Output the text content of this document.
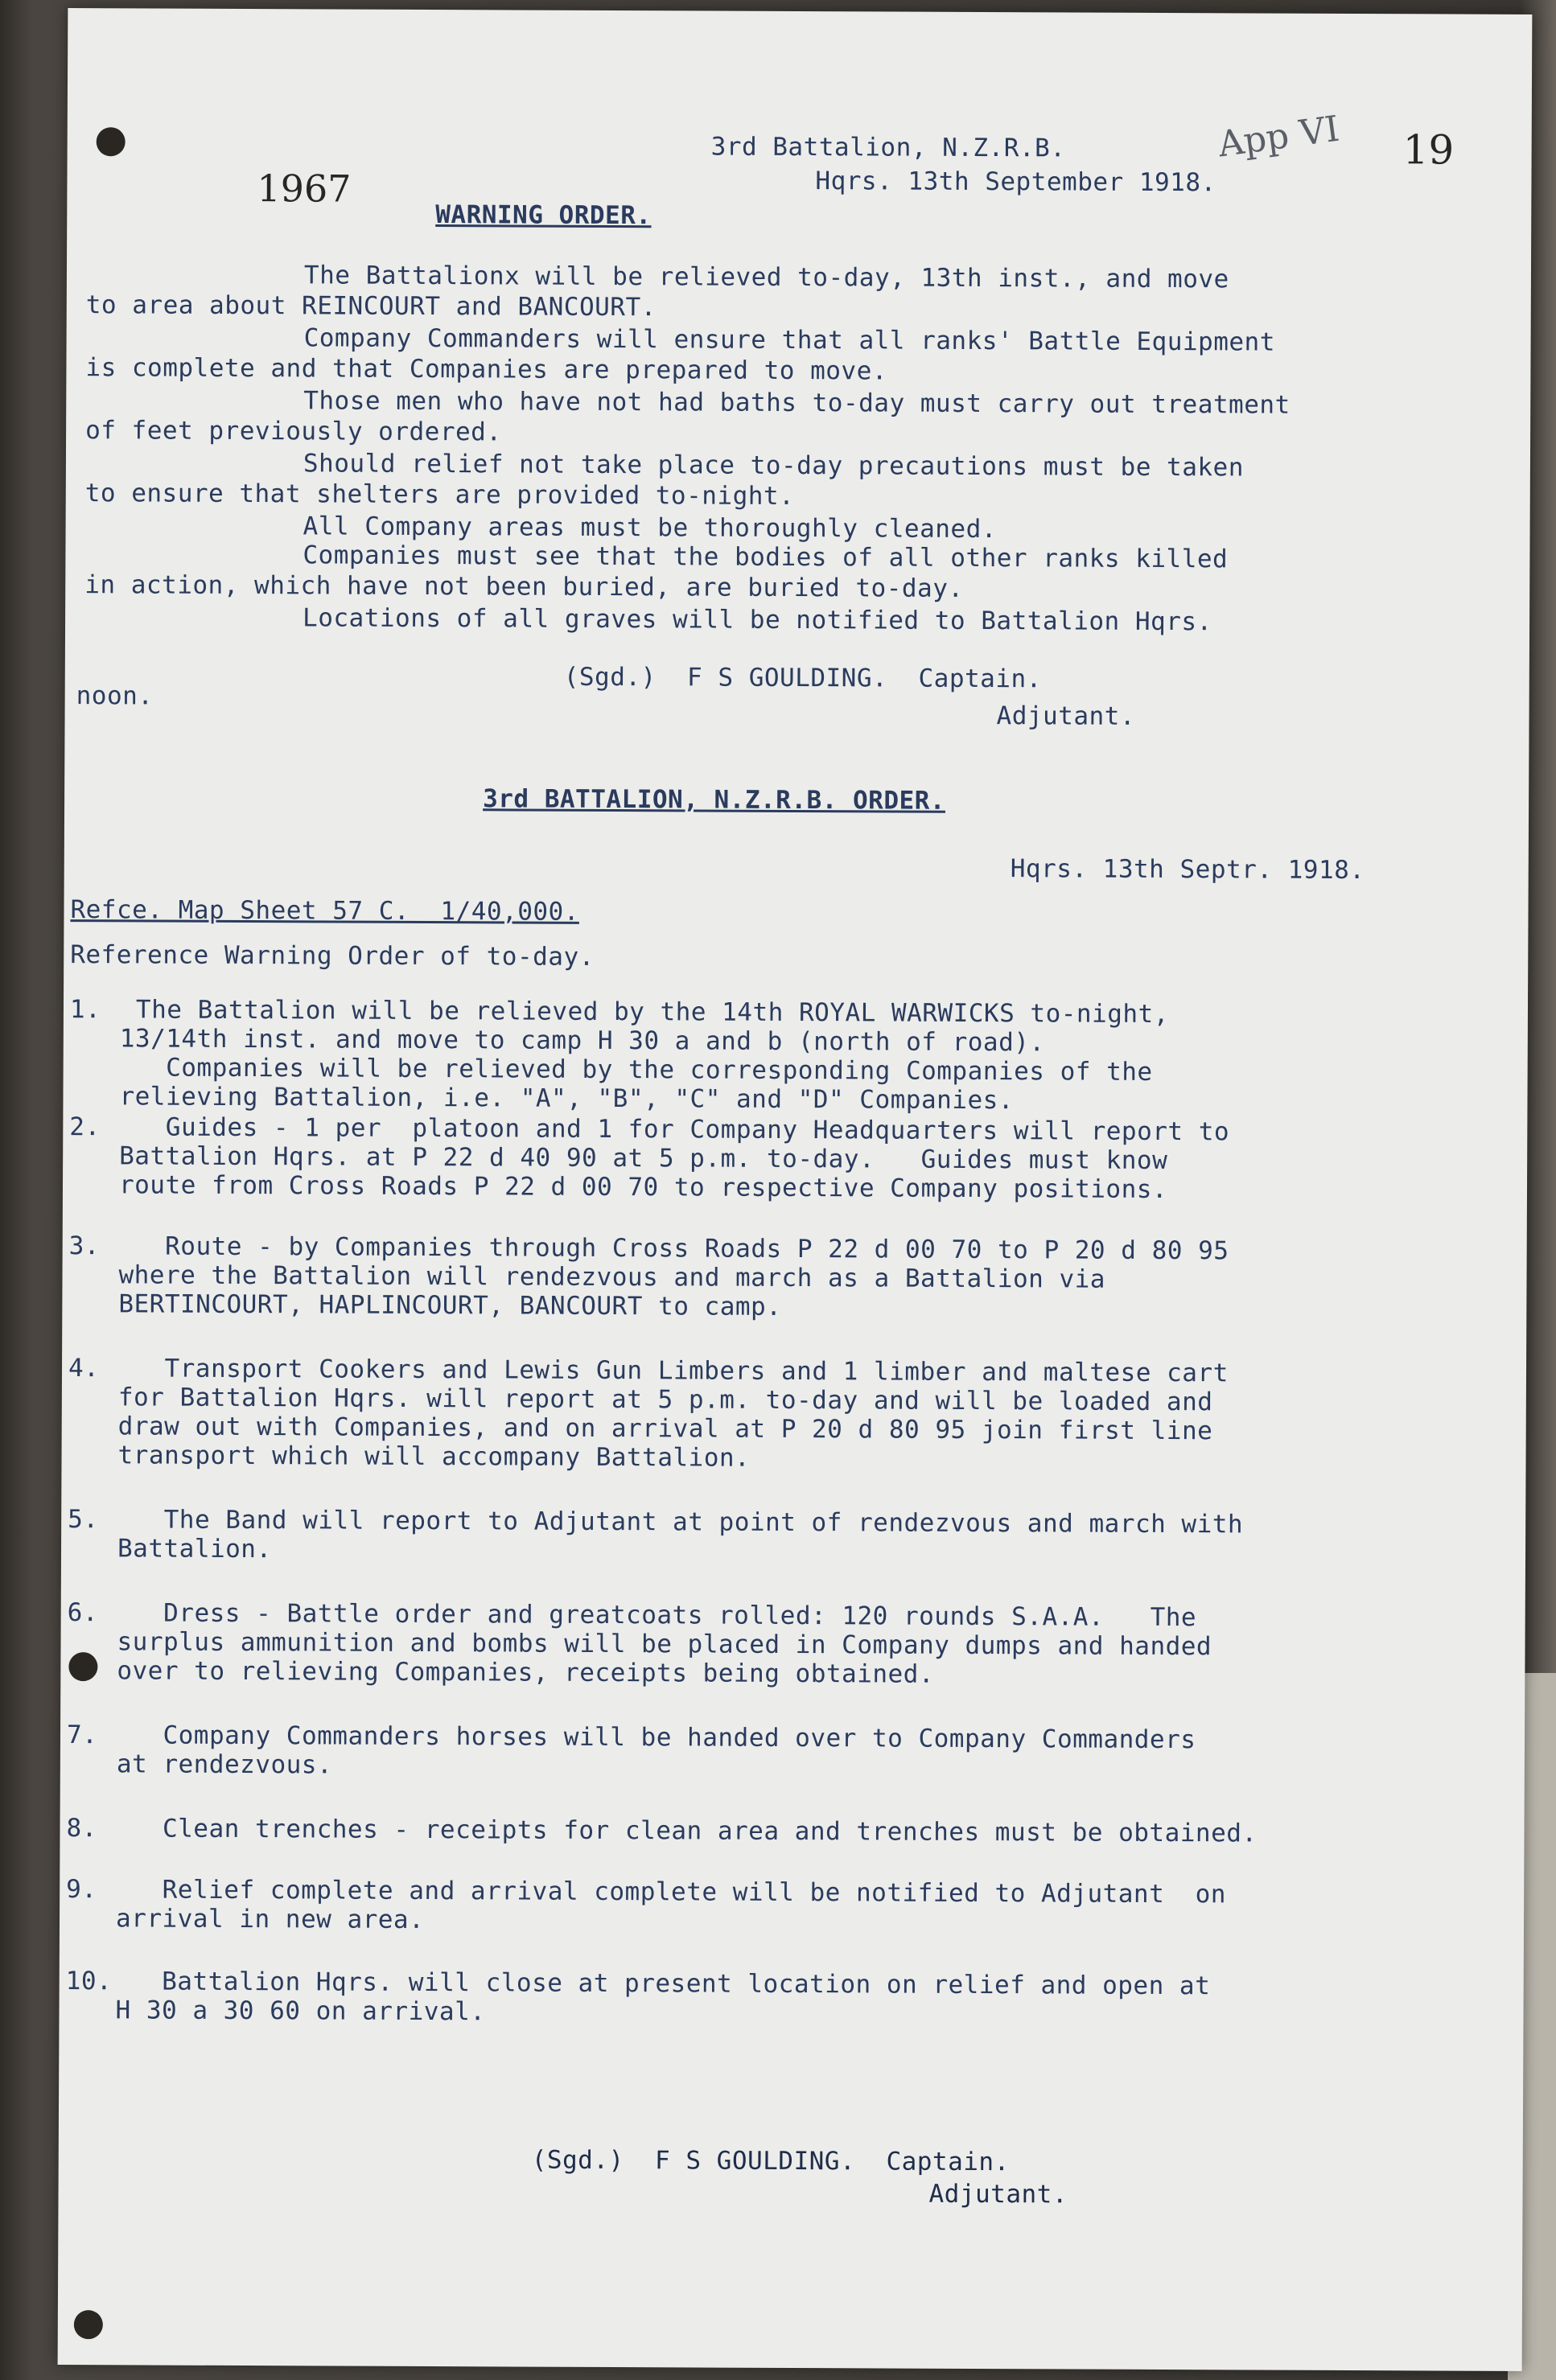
3rd Battalion, N.Z.R.B.
Hqrs. 13th September 1918.
App VI 19
1967
WARNING ORDER.
The Battalionx will be relieved to-day, 13th inst., and move
to area about REINCOURT and BANCOURT.
Company Commanders will ensure that all ranks' Battle Equipment
is complete and that Companies are prepared to move.
Those men who have not had baths to-day must carry out treatment
of feet previously ordered.
Should relief not take place to-day precautions must be taken
to ensure that shelters are provided to-night.
All Company areas must be thoroughly cleaned.
Companies must see that the bodies of all other ranks killed
in action, which have not been buried, are buried to-day.
Locations of all graves will be notified to Battalion Hqrs.
(Sgd.)  F S GOULDING.  Captain.
noon.
Adjutant.
3rd BATTALION, N.Z.R.B. ORDER.
Hqrs. 13th Septr. 1918.
Refce. Map Sheet 57 C.  1/40,000.
Reference Warning Order of to-day.
1. The Battalion will be relieved by the 14th ROYAL WARWICKS to-night,
13/14th inst. and move to camp H 30 a and b (north of road).
Companies will be relieved by the corresponding Companies of the
relieving Battalion, i.e. "A", "B", "C" and "D" Companies.
2. Guides - 1 per  platoon and 1 for Company Headquarters will report to
Battalion Hqrs. at P 22 d 40 90 at 5 p.m. to-day.   Guides must know
route from Cross Roads P 22 d 00 70 to respective Company positions.
3. Route - by Companies through Cross Roads P 22 d 00 70 to P 20 d 80 95
where the Battalion will rendezvous and march as a Battalion via
BERTINCOURT, HAPLINCOURT, BANCOURT to camp.
4. Transport Cookers and Lewis Gun Limbers and 1 limber and maltese cart
for Battalion Hqrs. will report at 5 p.m. to-day and will be loaded and
draw out with Companies, and on arrival at P 20 d 80 95 join first line
transport which will accompany Battalion.
5. The Band will report to Adjutant at point of rendezvous and march with
Battalion.
6. Dress - Battle order and greatcoats rolled: 120 rounds S.A.A.   The
surplus ammunition and bombs will be placed in Company dumps and handed
over to relieving Companies, receipts being obtained.
7. Company Commanders horses will be handed over to Company Commanders
at rendezvous.
8. Clean trenches - receipts for clean area and trenches must be obtained.
9. Relief complete and arrival complete will be notified to Adjutant  on
arrival in new area.
10. Battalion Hqrs. will close at present location on relief and open at
H 30 a 30 60 on arrival.
(Sgd.)  F S GOULDING.  Captain.
Adjutant.
